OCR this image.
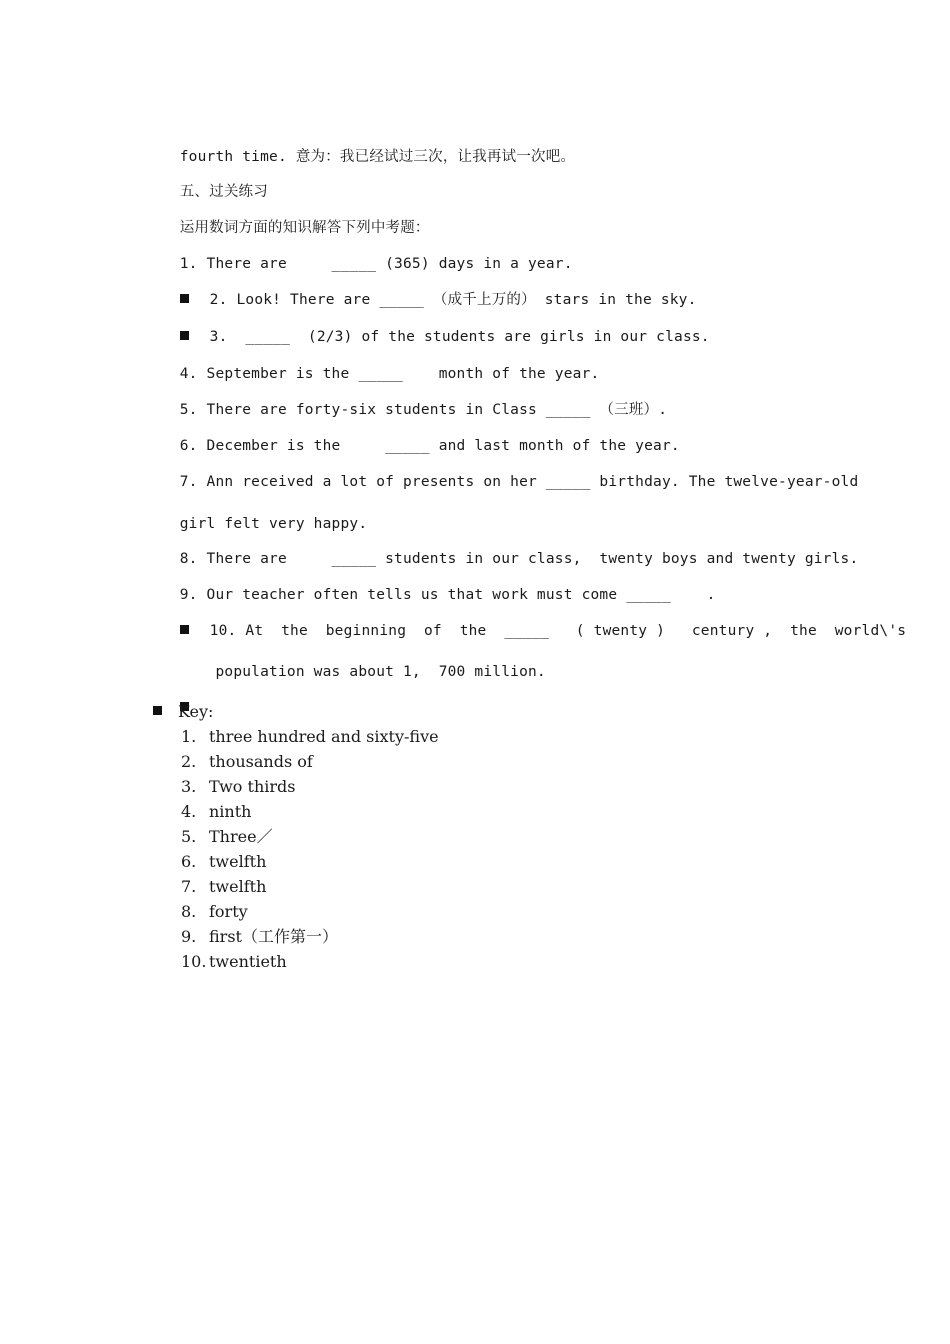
fourth time. 意为：我已经试过三次，让我再试一次吧。

五、过关练习

运用数词方面的知识解答下列中考题：

1. There are     _____ (365) days in a year.

2. Look! There are _____ （成千上万的） stars in the sky.

3.  _____  (2/3) of the students are girls in our class.

4. September is the _____    month of the year.

5. There are forty-six students in Class _____ （三班）.

6. December is the     _____ and last month of the year.

7. Ann received a lot of presents on her _____ birthday. The twelve-year-old

girl felt very happy.

8. There are     _____ students in our class,  twenty boys and twenty girls.

9. Our teacher often tells us that work must come _____    .

10. At  the  beginning  of  the  _____   ( twenty )   century ,  the  world\'s

population was about 1,  700 million.

Key:
1. three hundred and sixty-five
2. thousands of
3. Two thirds
4. ninth
5. Three／
6. twelfth
7. twelfth
8. forty
9. first（工作第一）
10. twentieth
